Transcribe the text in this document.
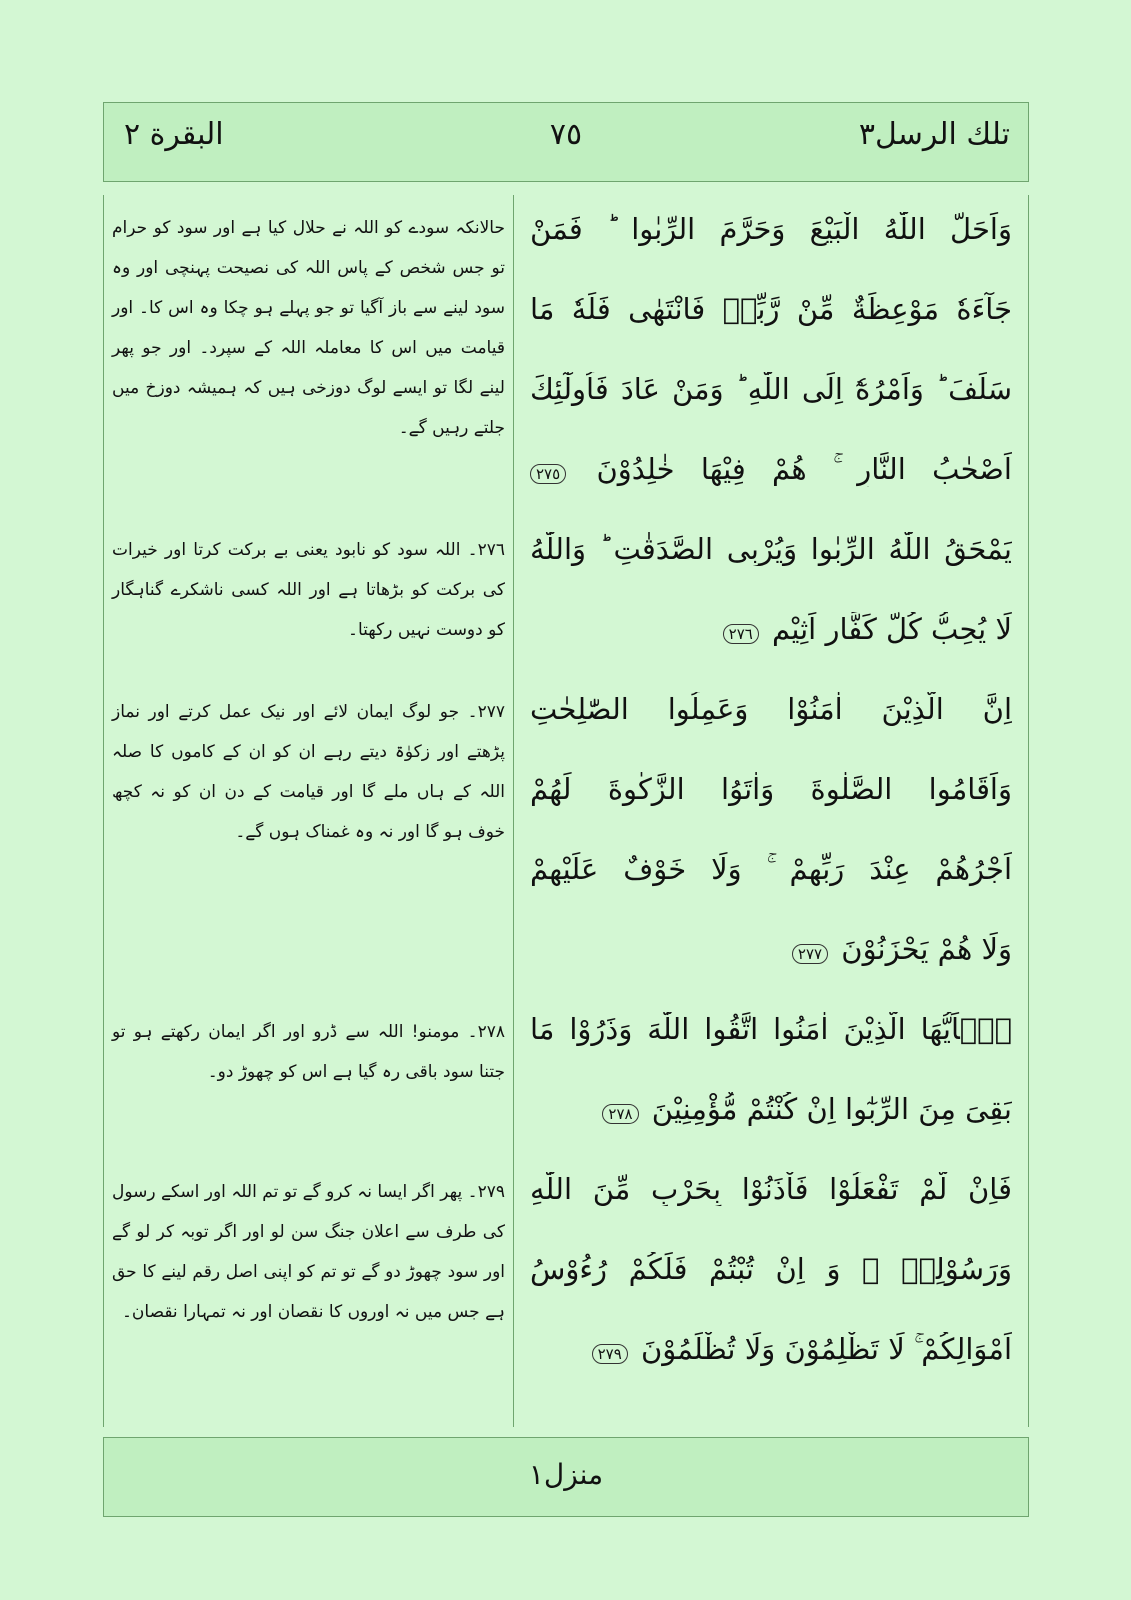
تلك الرسل٣
٧٥
البقرة ٢
وَاَحَلَّ اللّٰهُ الْبَيْعَ وَحَرَّمَ الرِّبٰوا ؕ فَمَنْ
جَآءَهٗ مَوْعِظَةٌ مِّنْ رَّبِّهٖ فَانْتَهٰى فَلَهٗ مَا
سَلَفَ ؕ وَاَمْرُهٗٓ اِلَى اللّٰهِ ؕ وَمَنْ عَادَ فَاُولٰٓئِكَ
اَصْحٰبُ النَّارِ ۚ هُمْ فِيْهَا خٰلِدُوْنَ ٢٧٥
يَمْحَقُ اللّٰهُ الرِّبٰوا وَيُرْبِى الصَّدَقٰتِ ؕ وَاللّٰهُ
لَا يُحِبُّ كُلَّ كَفَّارٍ اَثِيْمٍ ٢٧٦
اِنَّ الَّذِيْنَ اٰمَنُوْا وَعَمِلُوا الصّٰلِحٰتِ
وَاَقَامُوا الصَّلٰوةَ وَاٰتَوُا الزَّكٰوةَ لَهُمْ
اَجْرُهُمْ عِنْدَ رَبِّهِمْ ۚ وَلَا خَوْفٌ عَلَيْهِمْ
وَلَا هُمْ يَحْزَنُوْنَ ٢٧٧
يٰۤاَيُّهَا الَّذِيْنَ اٰمَنُوا اتَّقُوا اللّٰهَ وَذَرُوْا مَا
بَقِىَ مِنَ الرِّبٰٓوا اِنْ كُنْتُمْ مُّؤْمِنِيْنَ ٢٧٨
فَاِنْ لَّمْ تَفْعَلُوْا فَاْذَنُوْا بِحَرْبٍ مِّنَ اللّٰهِ
وَرَسُوْلِهٖ ۚ وَ اِنْ تُبْتُمْ فَلَكُمْ رُءُوْسُ
اَمْوَالِكُمْ ۚ لَا تَظْلِمُوْنَ وَلَا تُظْلَمُوْنَ ٢٧٩
حالانکہ سودے کو اللہ نے حلال کیا ہے اور سود کو حرام تو جس شخص کے پاس اللہ کی نصیحت پہنچی اور وہ سود لینے سے باز آگیا تو جو پہلے ہو چکا وہ اس کا۔ اور قیامت میں اس کا معاملہ اللہ کے سپرد۔ اور جو پھر لینے لگا تو ایسے لوگ دوزخی ہیں کہ ہمیشہ دوزخ میں جلتے رہیں گے۔
٢٧٦۔ اللہ سود کو نابود یعنی بے برکت کرتا اور خیرات کی برکت کو بڑھاتا ہے اور اللہ کسی ناشکرے گناہگار کو دوست نہیں رکھتا۔
٢٧٧۔ جو لوگ ایمان لائے اور نیک عمل کرتے اور نماز پڑھتے اور زکوٰۃ دیتے رہے ان کو ان کے کاموں کا صلہ اللہ کے ہاں ملے گا اور قیامت کے دن ان کو نہ کچھ خوف ہو گا اور نہ وہ غمناک ہوں گے۔
٢٧٨۔ مومنو! اللہ سے ڈرو اور اگر ایمان رکھتے ہو تو جتنا سود باقی رہ گیا ہے اس کو چھوڑ دو۔
٢٧٩۔ پھر اگر ایسا نہ کرو گے تو تم اللہ اور اسکے رسول کی طرف سے اعلان جنگ سن لو اور اگر توبہ کر لو گے اور سود چھوڑ دو گے تو تم کو اپنی اصل رقم لینے کا حق ہے جس میں نہ اوروں کا نقصان اور نہ تمہارا نقصان۔
منزل١
